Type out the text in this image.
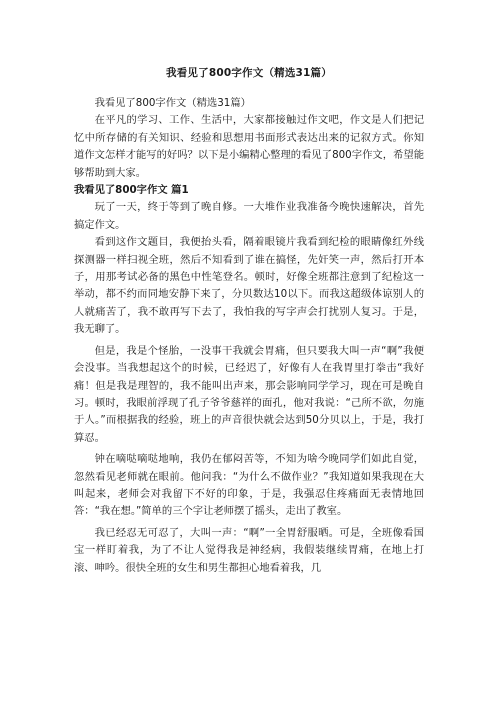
我看见了800字作文（精选31篇）

我看见了800字作文（精选31篇）

在平凡的学习、工作、生活中，大家都接触过作文吧，作文是人们把记忆中所存储的有关知识、经验和思想用书面形式表达出来的记叙方式。你知道作文怎样才能写的好吗？以下是小编精心整理的看见了800字作文，希望能够帮助到大家。

我看见了800字作文 篇1

玩了一天，终于等到了晚自修。一大堆作业我准备今晚快速解决，首先搞定作文。

看到这作文题目，我便抬头看，隔着眼镜片我看到纪检的眼睛像红外线探测器一样扫视全班，然后不知看到了谁在搞怪，先奸笑一声，然后打开本子，用那考试必备的黑色中性笔登名。顿时，好像全班都注意到了纪检这一举动，都不约而同地安静下来了，分贝数达10以下。而我这超级体谅别人的人就痛苦了，我不敢再写下去了，我怕我的写字声会打扰别人复习。于是，我无聊了。

但是，我是个怪胎，一没事干我就会胃痛，但只要我大叫一声“啊”我便会没事。当我想起这个的时候，已经迟了，好像有人在我胃里打拳击“我好痛！但是我是理智的，我不能叫出声来，那会影响同学学习，现在可是晚自习。顿时，我眼前浮现了孔子爷爷慈祥的面孔，他对我说：“己所不欲，勿施于人。”而根据我的经验，班上的声音很快就会达到50分贝以上，于是，我打算忍。

钟在嘀哒嘀哒地响，我仍在郁闷苦等，不知为啥今晚同学们如此自觉，忽然看见老师就在眼前。他问我：“为什么不做作业？”我知道如果我现在大叫起来，老师会对我留下不好的印象，于是，我强忍住疼痛面无表情地回答：“我在想。”简单的三个字让老师摆了摇头，走出了教室。

我已经忍无可忍了，大叫一声：“啊”一全胃舒服晒。可是，全班像看国宝一样盯着我，为了不让人觉得我是神经病，我假装继续胃痛，在地上打滚、呻吟。很快全班的女生和男生都担心地看着我，几
